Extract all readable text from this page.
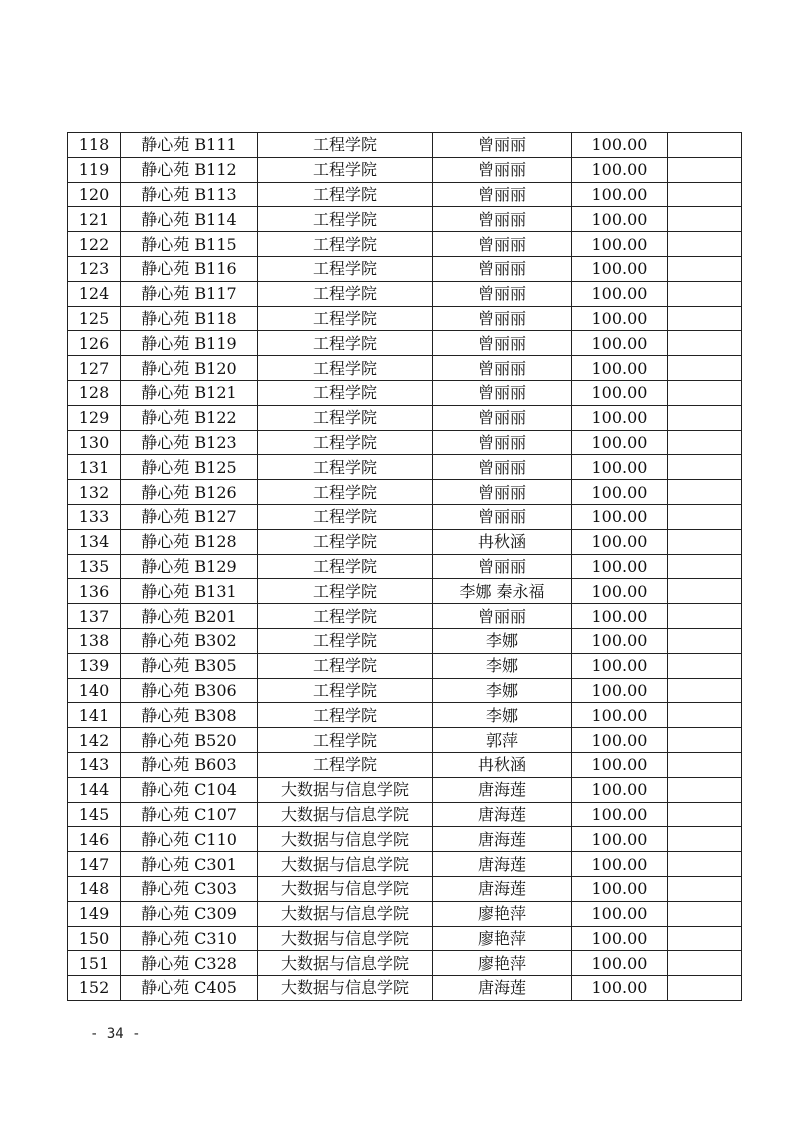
118	静心苑 B111	工程学院	曾丽丽	100.00	
119	静心苑 B112	工程学院	曾丽丽	100.00	
120	静心苑 B113	工程学院	曾丽丽	100.00	
121	静心苑 B114	工程学院	曾丽丽	100.00	
122	静心苑 B115	工程学院	曾丽丽	100.00	
123	静心苑 B116	工程学院	曾丽丽	100.00	
124	静心苑 B117	工程学院	曾丽丽	100.00	
125	静心苑 B118	工程学院	曾丽丽	100.00	
126	静心苑 B119	工程学院	曾丽丽	100.00	
127	静心苑 B120	工程学院	曾丽丽	100.00	
128	静心苑 B121	工程学院	曾丽丽	100.00	
129	静心苑 B122	工程学院	曾丽丽	100.00	
130	静心苑 B123	工程学院	曾丽丽	100.00	
131	静心苑 B125	工程学院	曾丽丽	100.00	
132	静心苑 B126	工程学院	曾丽丽	100.00	
133	静心苑 B127	工程学院	曾丽丽	100.00	
134	静心苑 B128	工程学院	冉秋涵	100.00	
135	静心苑 B129	工程学院	曾丽丽	100.00	
136	静心苑 B131	工程学院	李娜 秦永福	100.00	
137	静心苑 B201	工程学院	曾丽丽	100.00	
138	静心苑 B302	工程学院	李娜	100.00	
139	静心苑 B305	工程学院	李娜	100.00	
140	静心苑 B306	工程学院	李娜	100.00	
141	静心苑 B308	工程学院	李娜	100.00	
142	静心苑 B520	工程学院	郭萍	100.00	
143	静心苑 B603	工程学院	冉秋涵	100.00	
144	静心苑 C104	大数据与信息学院	唐海莲	100.00	
145	静心苑 C107	大数据与信息学院	唐海莲	100.00	
146	静心苑 C110	大数据与信息学院	唐海莲	100.00	
147	静心苑 C301	大数据与信息学院	唐海莲	100.00	
148	静心苑 C303	大数据与信息学院	唐海莲	100.00	
149	静心苑 C309	大数据与信息学院	廖艳萍	100.00	
150	静心苑 C310	大数据与信息学院	廖艳萍	100.00	
151	静心苑 C328	大数据与信息学院	廖艳萍	100.00	
152	静心苑 C405	大数据与信息学院	唐海莲	100.00	
- 34 -
